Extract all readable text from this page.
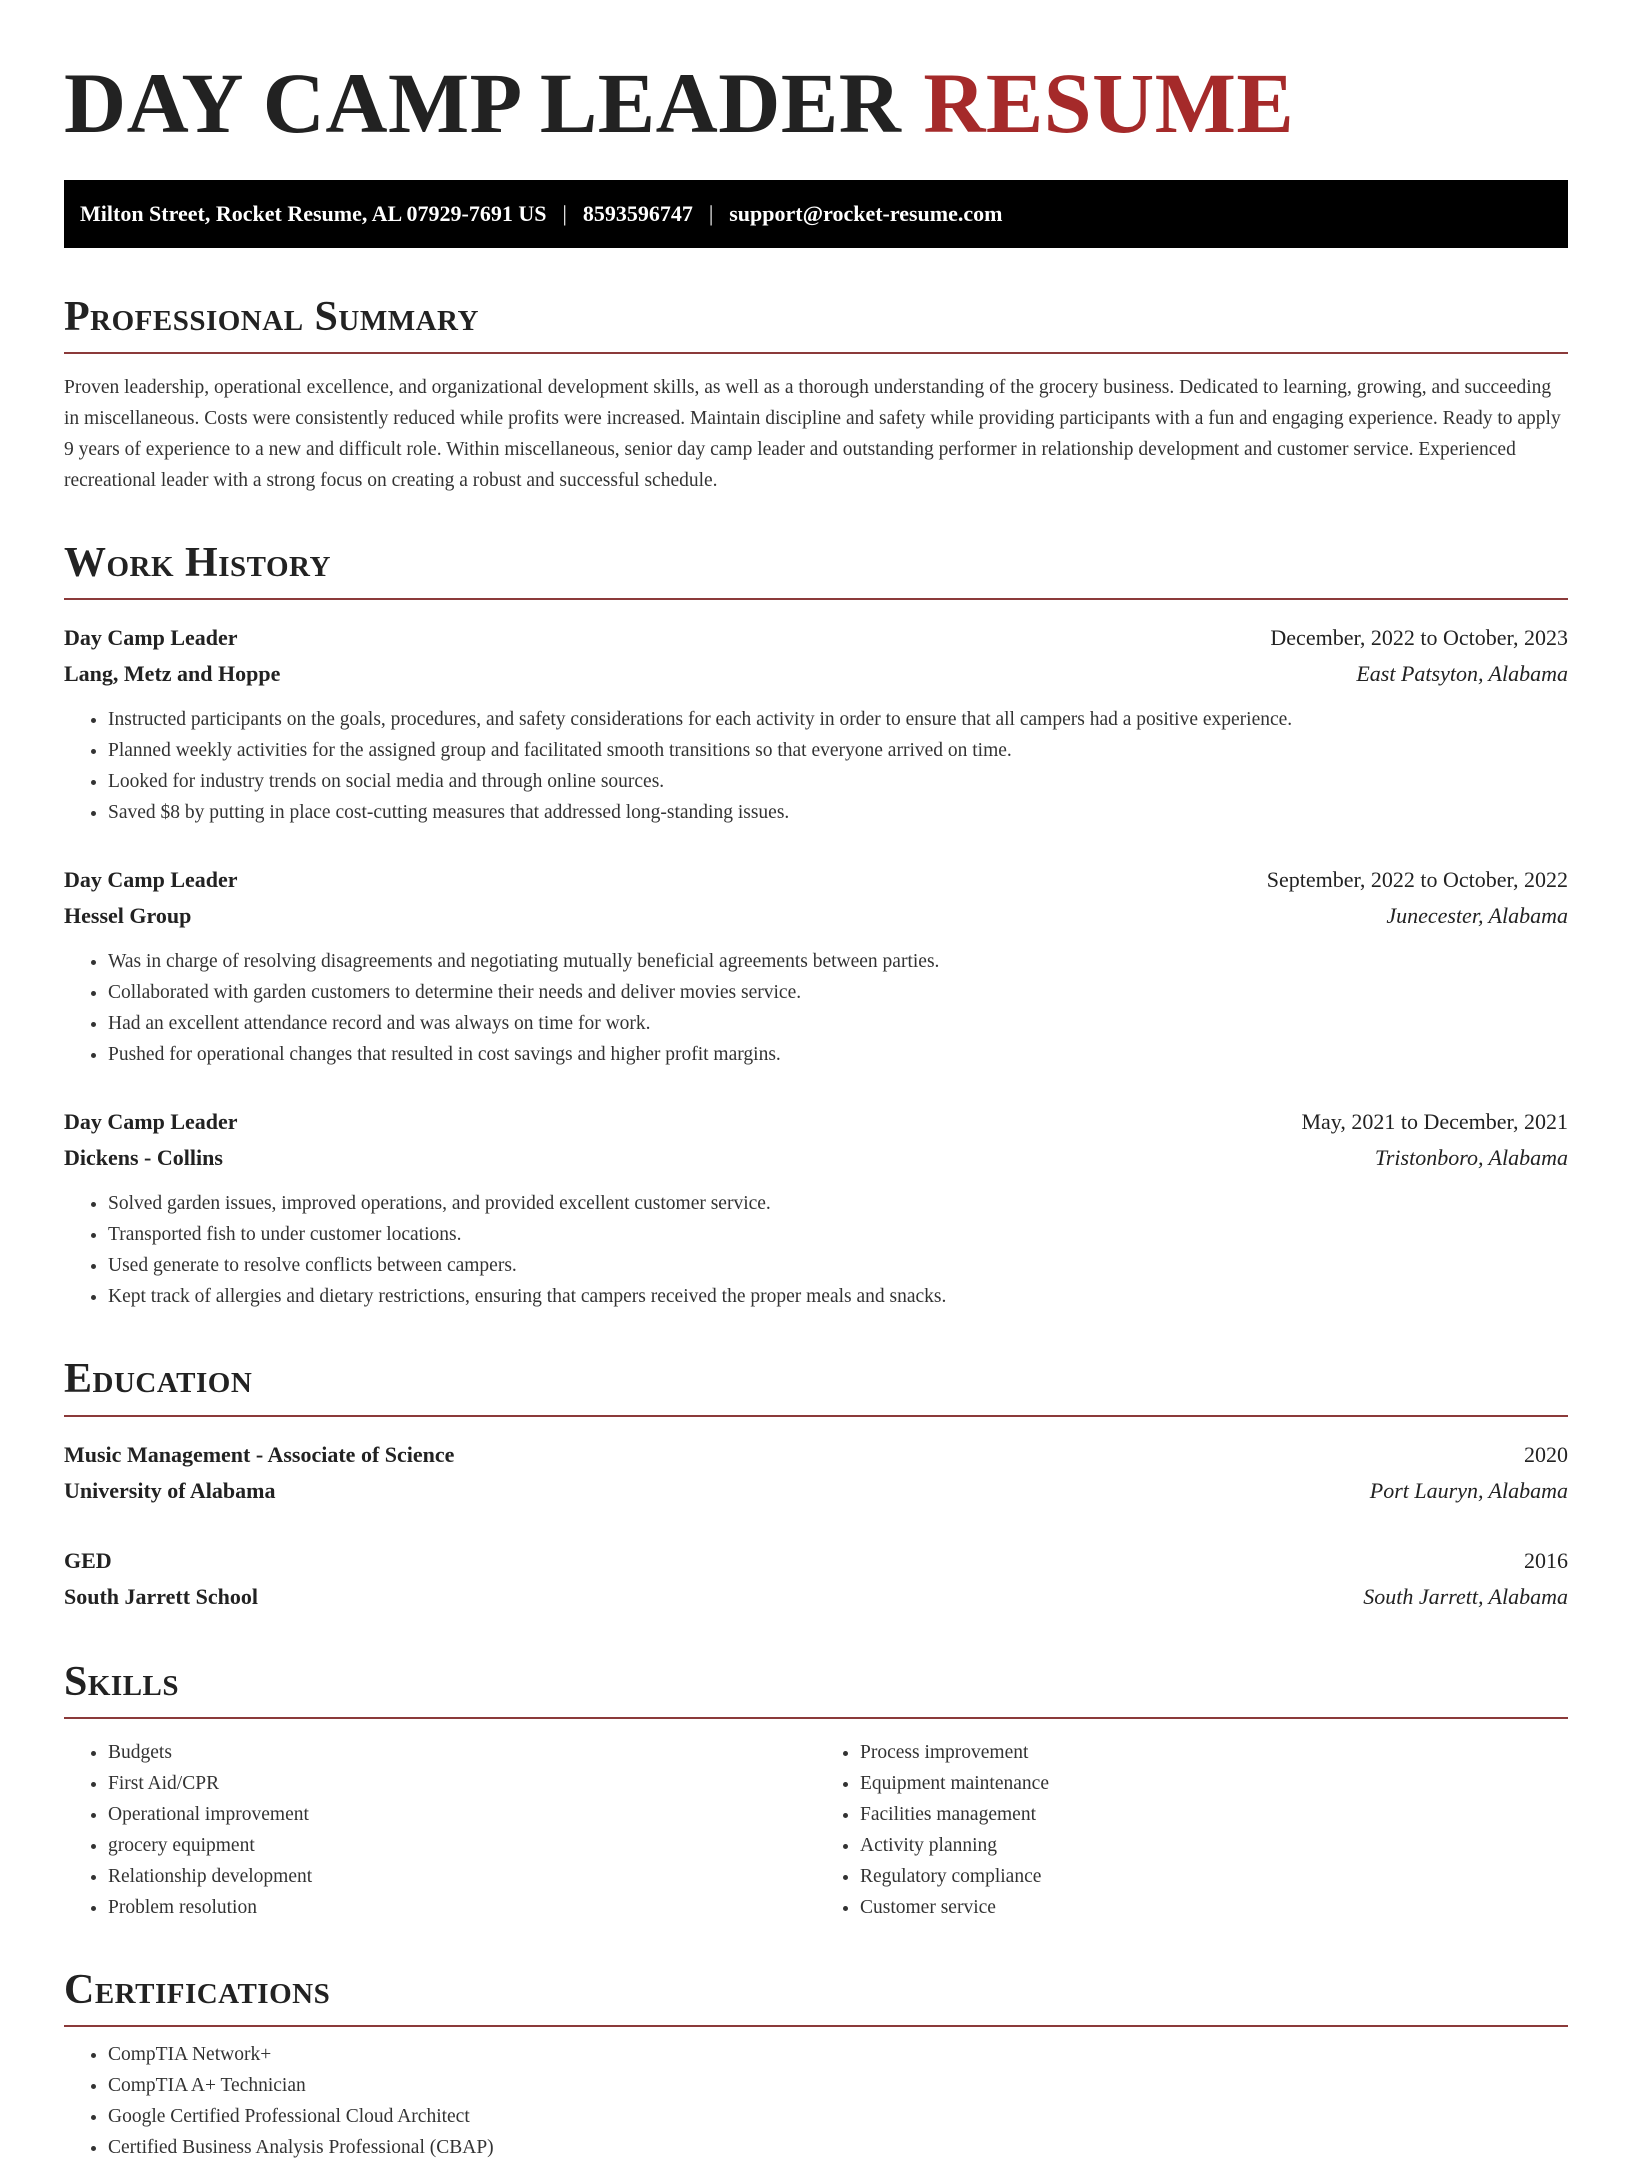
DAY CAMP LEADER RESUME
Milton Street, Rocket Resume, AL 07929-7691 US | 8593596747 | support@rocket-resume.com
Professional Summary

Proven leadership, operational excellence, and organizational development skills, as well as a thorough understanding of the grocery business. Dedicated to learning, growing, and succeeding in miscellaneous. Costs were consistently reduced while profits were increased. Maintain discipline and safety while providing participants with a fun and engaging experience. Ready to apply 9 years of experience to a new and difficult role. Within miscellaneous, senior day camp leader and outstanding performer in relationship development and customer service. Experienced recreational leader with a strong focus on creating a robust and successful schedule.

Work History
Day Camp Leader	December, 2022 to October, 2023
Lang, Metz and Hoppe	East Patsyton, Alabama
• Instructed participants on the goals, procedures, and safety considerations for each activity in order to ensure that all campers had a positive experience.
• Planned weekly activities for the assigned group and facilitated smooth transitions so that everyone arrived on time.
• Looked for industry trends on social media and through online sources.
• Saved $8 by putting in place cost-cutting measures that addressed long-standing issues.
Day Camp Leader	September, 2022 to October, 2022
Hessel Group	Junecester, Alabama
• Was in charge of resolving disagreements and negotiating mutually beneficial agreements between parties.
• Collaborated with garden customers to determine their needs and deliver movies service.
• Had an excellent attendance record and was always on time for work.
• Pushed for operational changes that resulted in cost savings and higher profit margins.
Day Camp Leader	May, 2021 to December, 2021
Dickens - Collins	Tristonboro, Alabama
• Solved garden issues, improved operations, and provided excellent customer service.
• Transported fish to under customer locations.
• Used generate to resolve conflicts between campers.
• Kept track of allergies and dietary restrictions, ensuring that campers received the proper meals and snacks.
Education
Music Management - Associate of Science	2020
University of Alabama	Port Lauryn, Alabama
GED	2016
South Jarrett School	South Jarrett, Alabama
Skills
• Budgets
• First Aid/CPR
• Operational improvement
• grocery equipment
• Relationship development
• Problem resolution
• Process improvement
• Equipment maintenance
• Facilities management
• Activity planning
• Regulatory compliance
• Customer service
Certifications
• CompTIA Network+
• CompTIA A+ Technician
• Google Certified Professional Cloud Architect
• Certified Business Analysis Professional (CBAP)
